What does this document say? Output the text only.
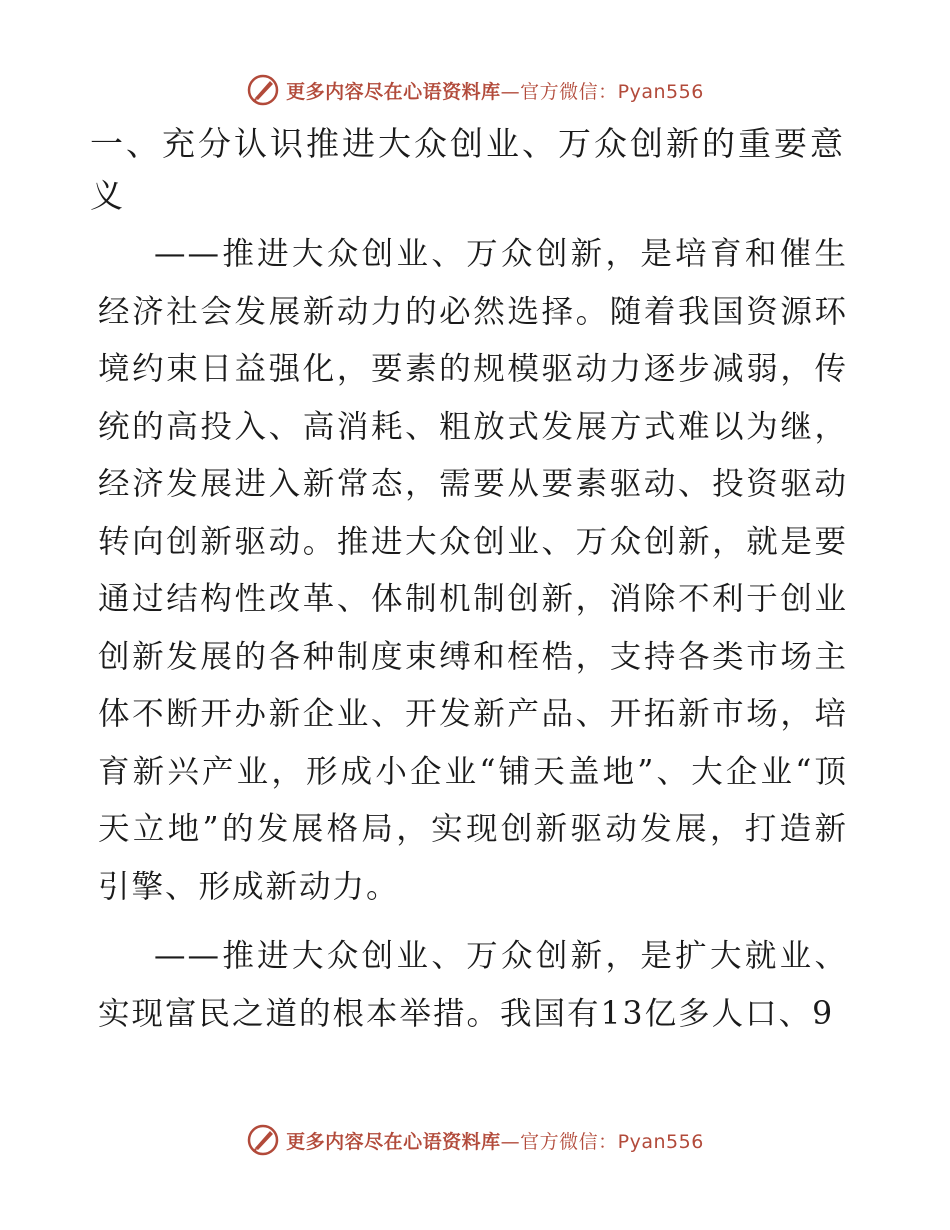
更多内容尽在心语资料库—官方微信：Pyan556
一、充分认识推进大众创业、万众创新的重要意义

——推进大众创业、万众创新，是培育和催生经济社会发展新动力的必然选择。随着我国资源环境约束日益强化，要素的规模驱动力逐步减弱，传统的高投入、高消耗、粗放式发展方式难以为继，经济发展进入新常态，需要从要素驱动、投资驱动转向创新驱动。推进大众创业、万众创新，就是要通过结构性改革、体制机制创新，消除不利于创业创新发展的各种制度束缚和桎梏，支持各类市场主体不断开办新企业、开发新产品、开拓新市场，培育新兴产业，形成小企业“铺天盖地”、大企业“顶天立地”的发展格局，实现创新驱动发展，打造新引擎、形成新动力。

——推进大众创业、万众创新，是扩大就业、实现富民之道的根本举措。我国有13亿多人口、9

更多内容尽在心语资料库—官方微信：Pyan556
